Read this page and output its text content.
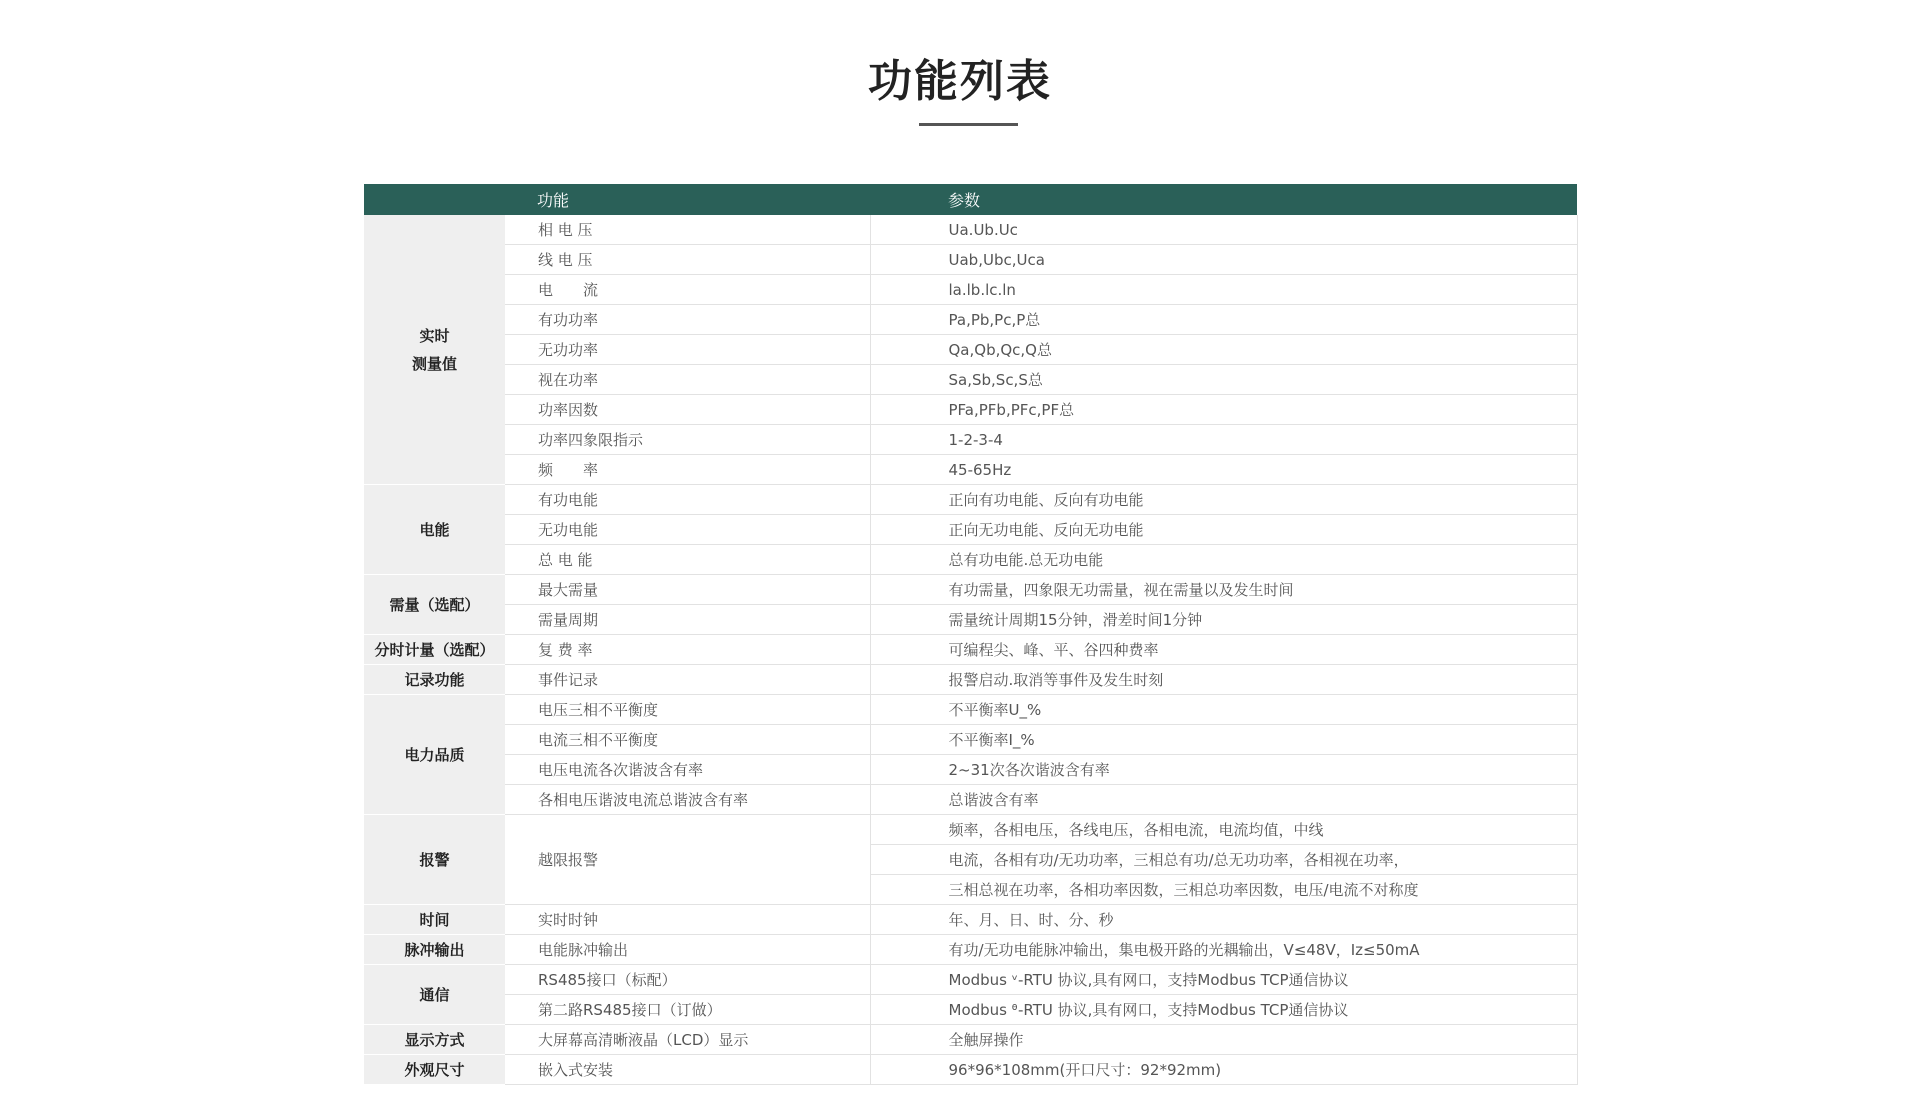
功能列表
	功能	参数
实时
测量值	相 电 压	Ua.Ub.Uc
	线 电 压	Uab,Ubc,Uca
	电　　流	la.lb.lc.ln
	有功功率	Pa,Pb,Pc,P总
	无功功率	Qa,Qb,Qc,Q总
	视在功率	Sa,Sb,Sc,S总
	功率因数	PFa,PFb,PFc,PF总
	功率四象限指示	1-2-3-4
	频　　率	45-65Hz
电能	有功电能	正向有功电能、反向有功电能
	无功电能	正向无功电能、反向无功电能
	总 电 能	总有功电能.总无功电能
需量（选配）	最大需量	有功需量，四象限无功需量，视在需量以及发生时间
	需量周期	需量统计周期15分钟，滑差时间1分钟
分时计量（选配）	复 费 率	可编程尖、峰、平、谷四种费率
记录功能	事件记录	报警启动.取消等事件及发生时刻
电力品质	电压三相不平衡度	不平衡率U_%
	电流三相不平衡度	不平衡率I_%
	电压电流各次谐波含有率	2~31次各次谐波含有率
	各相电压谐波电流总谐波含有率	总谐波含有率
报警	越限报警	频率，各相电压，各线电压，各相电流，电流均值，中线
		电流，各相有功/无功功率，三相总有功/总无功功率，各相视在功率，
		三相总视在功率，各相功率因数，三相总功率因数，电压/电流不对称度
时间	实时时钟	年、月、日、时、分、秒
脉冲输出	电能脉冲输出	有功/无功电能脉冲输出，集电极开路的光耦输出，V≤48V，Iz≤50mA
通信	RS485接口（标配）	Modbus ᵛ-RTU 协议,具有网口，支持Modbus TCP通信协议
	第二路RS485接口（订做）	Modbus ᶿ-RTU 协议,具有网口，支持Modbus TCP通信协议
显示方式	大屏幕高清晰液晶（LCD）显示	全触屏操作
外观尺寸	嵌入式安装	96*96*108mm(开口尺寸：92*92mm)
